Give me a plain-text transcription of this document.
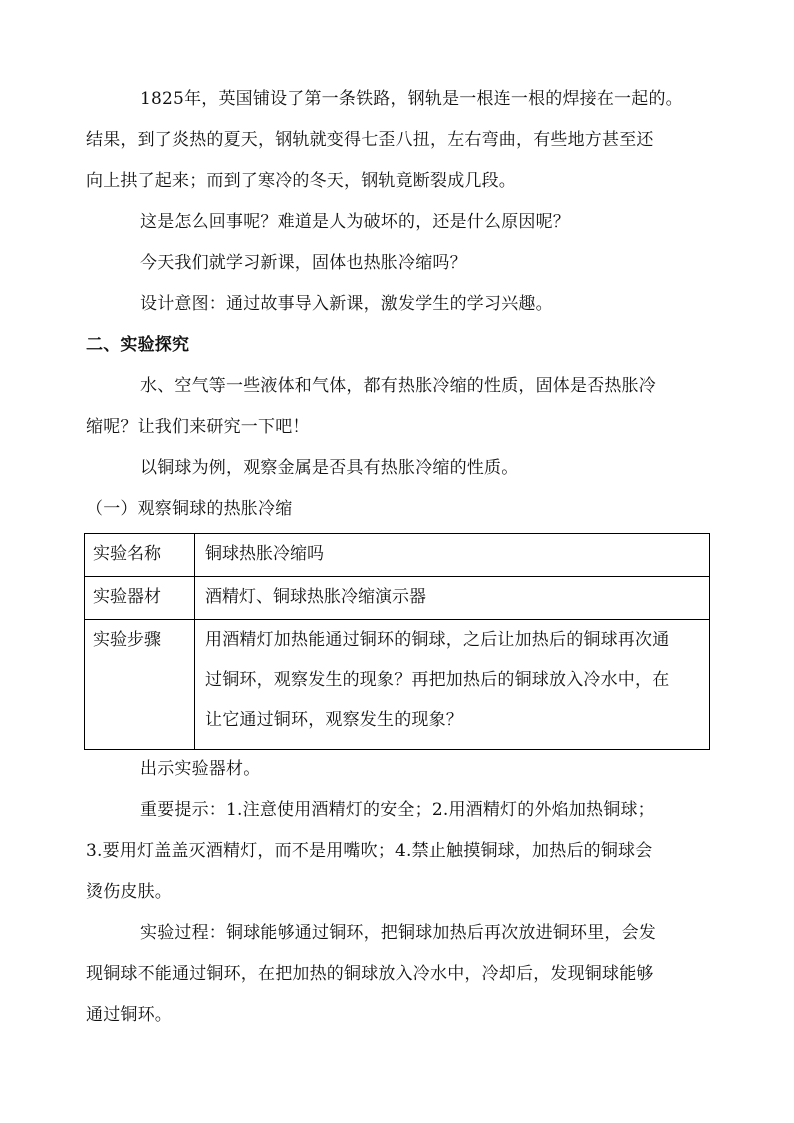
1825年，英国铺设了第一条铁路，钢轨是一根连一根的焊接在一起的。
结果，到了炎热的夏天，钢轨就变得七歪八扭，左右弯曲，有些地方甚至还
向上拱了起来；而到了寒冷的冬天，钢轨竟断裂成几段。
这是怎么回事呢？难道是人为破坏的，还是什么原因呢？
今天我们就学习新课，固体也热胀冷缩吗？
设计意图：通过故事导入新课，激发学生的学习兴趣。
二、实验探究
水、空气等一些液体和气体，都有热胀冷缩的性质，固体是否热胀冷
缩呢？让我们来研究一下吧！
以铜球为例，观察金属是否具有热胀冷缩的性质。
（一）观察铜球的热胀冷缩
实验名称	铜球热胀冷缩吗
实验器材	酒精灯、铜球热胀冷缩演示器
实验步骤	用酒精灯加热能通过铜环的铜球，之后让加热后的铜球再次通
过铜环，观察发生的现象？再把加热后的铜球放入冷水中，在
让它通过铜环，观察发生的现象？
出示实验器材。
重要提示：1.注意使用酒精灯的安全；2.用酒精灯的外焰加热铜球；
3.要用灯盖盖灭酒精灯，而不是用嘴吹；4.禁止触摸铜球，加热后的铜球会
烫伤皮肤。
实验过程：铜球能够通过铜环，把铜球加热后再次放进铜环里，会发
现铜球不能通过铜环，在把加热的铜球放入冷水中，冷却后，发现铜球能够
通过铜环。
